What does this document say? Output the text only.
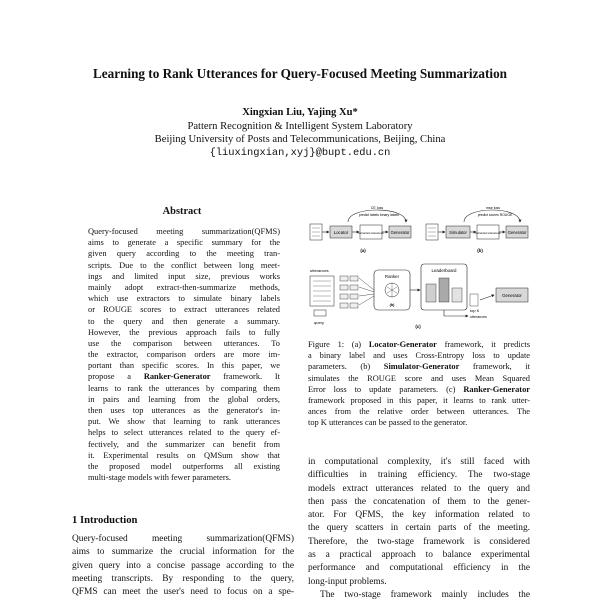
Learning to Rank Utterances for Query-Focused Meeting Summarization
Xingxian Liu, Yajing Xu*
Pattern Recognition & Intelligent System Laboratory
Beijing University of Posts and Telecommunications, Beijing, China
{liuxingxian,xyj}@bupt.edu.cn
Abstract
Query-focused meeting summarization(QFMS)
aims to generate a specific summary for the
given query according to the meeting tran-
scripts. Due to the conflict between long meet-
ings and limited input size, previous works
mainly adopt extract-then-summarize methods,
which use extractors to simulate binary labels
or ROUGE scores to extract utterances related
to the query and then generate a summary.
However, the previous approach fails to fully
use the comparison between utterances. To
the extractor, comparison orders are more im-
portant than specific scores. In this paper, we
propose a Ranker-Generator framework. It
learns to rank the utterances by comparing them
in pairs and learning from the global orders,
then uses top utterances as the generator's in-
put. We show that learning to rank utterances
helps to select utterances related to the query ef-
fectively, and the summarizer can benefit from
it. Experimental results on QMSum show that
the proposed model outperforms all existing
multi-stage models with fewer parameters.
1 Introduction
Query-focused meeting summarization(QFMS)
aims to summarize the crucial information for the
given query into a concise passage according to the
meeting transcripts. By responding to the query,
QFMS can meet the user's need to focus on a spe-
CE loss
predict labels binary labels
Locator	extracted utterances Generator
(a)
mse loss
predict scores ROUGE
Simulator	extracted utterances Generator
(b)
utterances
query
Ranker
(b)
Leaderboard
top K
utterances
Generator
(c)
Figure 1: (a) Locator-Generator framework, it predicts
a binary label and uses Cross-Entropy loss to update
parameters. (b) Simulator-Generator framework, it
simulates the ROUGE score and uses Mean Squared
Error loss to update parameters. (c) Ranker-Generator
framework proposed in this paper, it learns to rank utter-
ances from the relative order between utterances. The
top K utterances can be passed to the generator.
in computational complexity, it's still faced with
difficulties in training efficiency. The two-stage
models extract utterances related to the query and
then pass the concatenation of them to the gener-
ator. For QFMS, the key information related to
the query scatters in certain parts of the meeting.
Therefore, the two-stage framework is considered
as a practical approach to balance experimental
performance and computational efficiency in the
long-input problems.
The two-stage framework mainly includes the
